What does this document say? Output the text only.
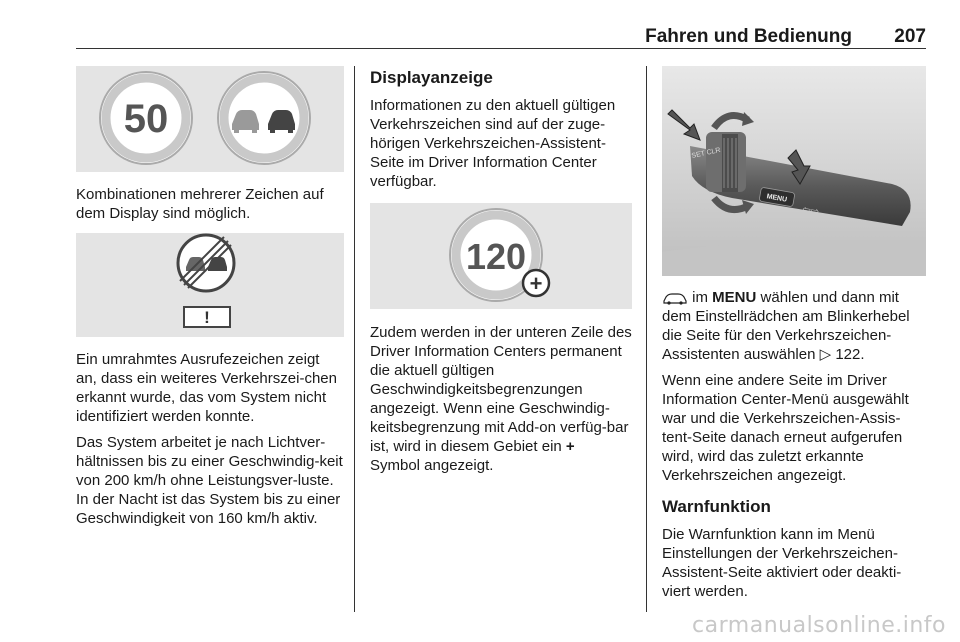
Fahren und Bedienung 207
50

Kombinationen mehrerer Zeichen auf dem Display sind möglich.

!

Ein umrahmtes Ausrufezeichen zeigt an, dass ein weiteres Verkehrszei-chen erkannt wurde, das vom System nicht identifiziert werden konnte.

Das System arbeitet je nach Lichtver-hältnissen bis zu einer Geschwindig-keit von 200 km/h ohne Leistungsver-luste. In der Nacht ist das System bis zu einer Geschwindigkeit von 160 km/h aktiv.

Displayanzeige

Informationen zu den aktuell gültigen Verkehrszeichen sind auf der zuge-hörigen Verkehrszeichen-Assistent-Seite im Driver Information Center verfügbar.

120
+

Zudem werden in der unteren Zeile des Driver Information Centers permanent die aktuell gültigen Geschwindigkeitsbegrenzungen angezeigt. Wenn eine Geschwindig-keitsbegrenzung mit Add-on verfüg-bar ist, wird in diesem Gebiet ein +
Symbol angezeigt.

SET CLR
MENU
⇦⇨

im MENU wählen und dann mit dem Einstellrädchen am Blinkerhebel die Seite für den Verkehrszeichen-Assistenten auswählen ▷ 122.

Wenn eine andere Seite im Driver Information Center-Menü ausgewählt war und die Verkehrszeichen-Assis-tent-Seite danach erneut aufgerufen wird, wird das zuletzt erkannte Verkehrszeichen angezeigt.

Warnfunktion

Die Warnfunktion kann im Menü Einstellungen der Verkehrszeichen-Assistent-Seite aktiviert oder deakti-viert werden.

carmanualsonline.info
